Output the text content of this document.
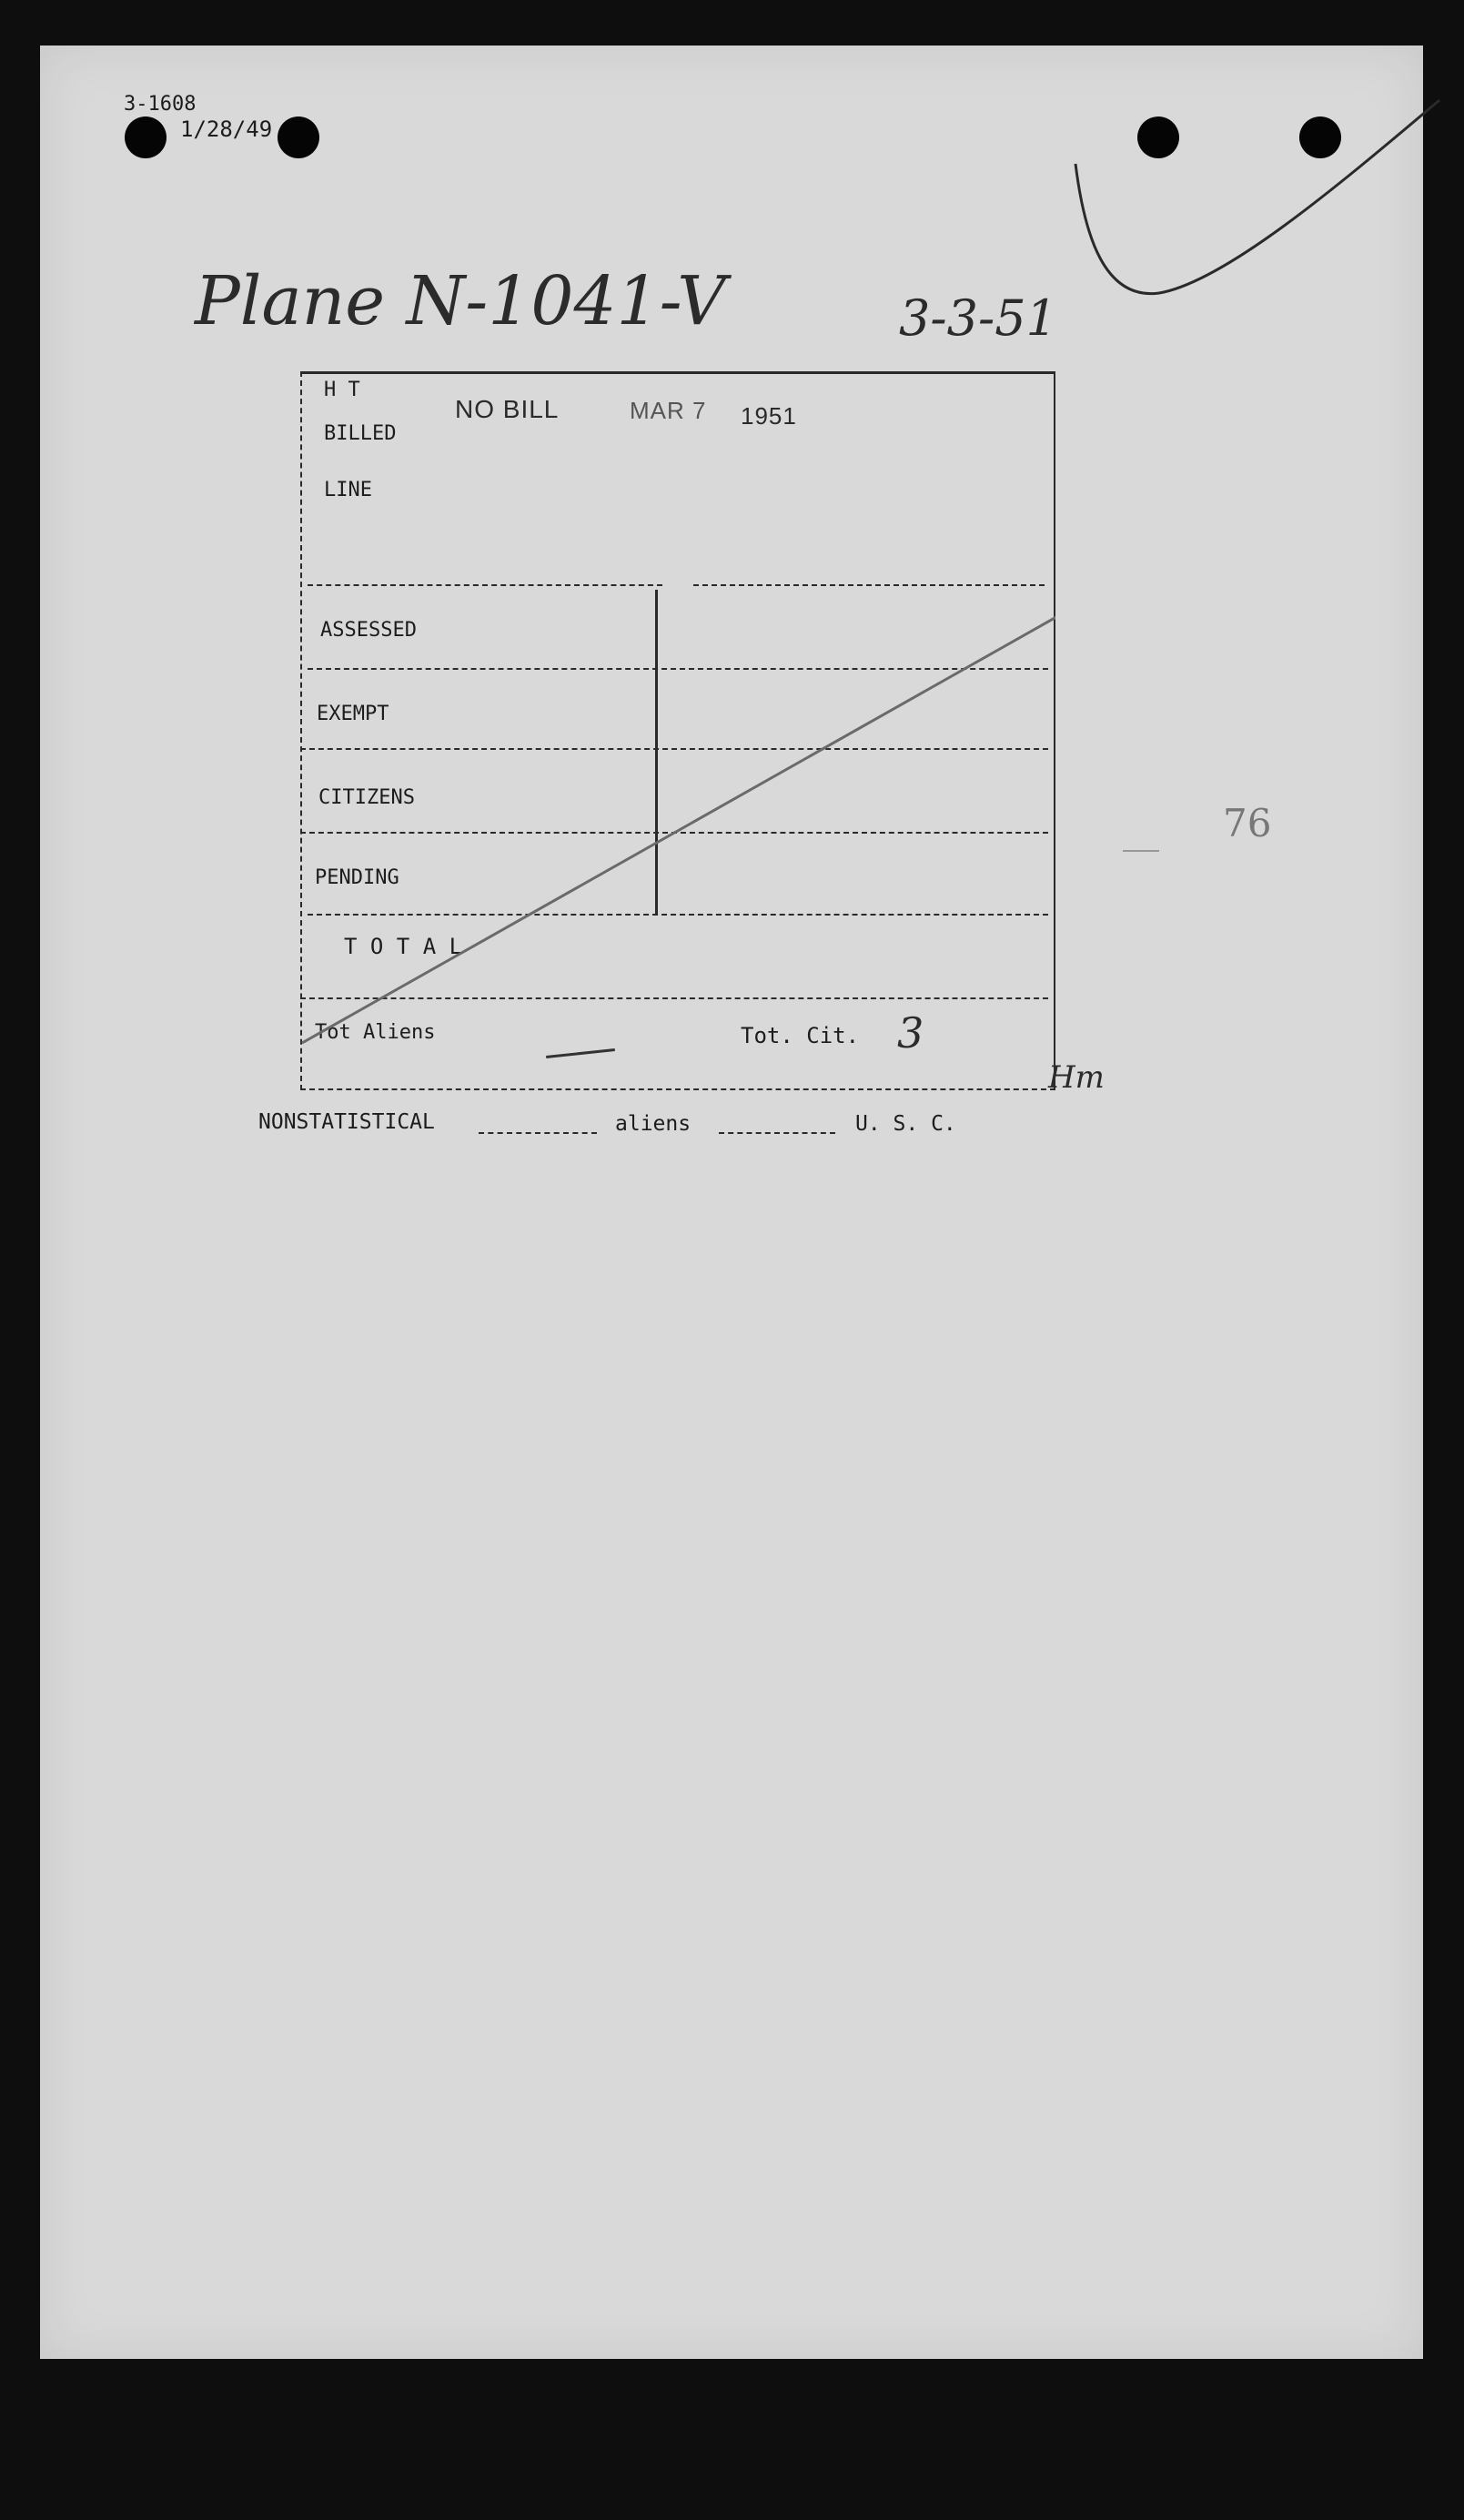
3-1608
1/28/49
Plane N-1041-V	3-3-51
H T
BILLED
LINE
NO BILL	MAR 7 1951
ASSESSED
EXEMPT
CITIZENS
PENDING
T O T A L
Tot Aliens	Tot. Cit. 3
Hm
76
NONSTATISTICAL	aliens	U. S. C.
